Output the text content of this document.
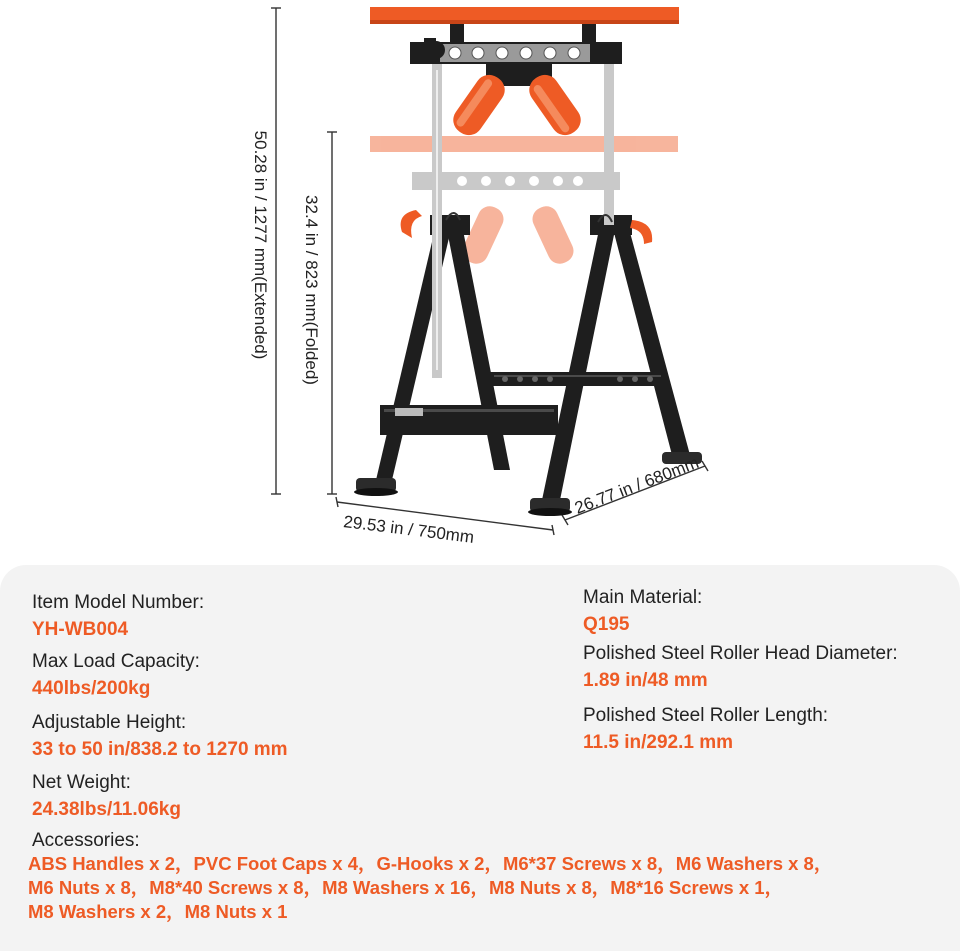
50.28 in / 1277 mm(Extended) 32.4 in / 823 mm(Folded)
29.53 in / 750mm
26.77 in / 680mm
Item Model Number:
YH-WB004
Max Load Capacity:
440lbs/200kg
Adjustable Height:
33 to 50 in/838.2 to 1270 mm
Net Weight:
24.38lbs/11.06kg
Main Material:
Q195
Polished Steel Roller Head Diameter:
1.89 in/48 mm
Polished Steel Roller Length:
11.5 in/292.1 mm
Accessories:
ABS Handles x 2，PVC Foot Caps x 4，G-Hooks x 2，M6*37 Screws x 8，M6 Washers x 8，
M6 Nuts x 8，M8*40 Screws x 8，M8 Washers x 16，M8 Nuts x 8，M8*16 Screws x 1，
M8 Washers x 2，M8 Nuts x 1
